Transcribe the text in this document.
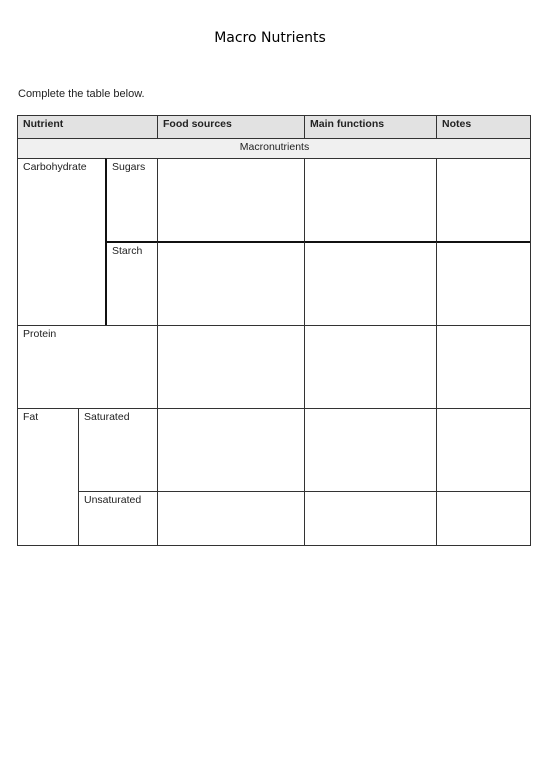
Macro Nutrients
Complete the table below.
Nutrient	Food sources	Main functions	Notes
Macronutrients
Carbohydrate	Sugars
Starch
Protein
Fat	Saturated
Unsaturated
